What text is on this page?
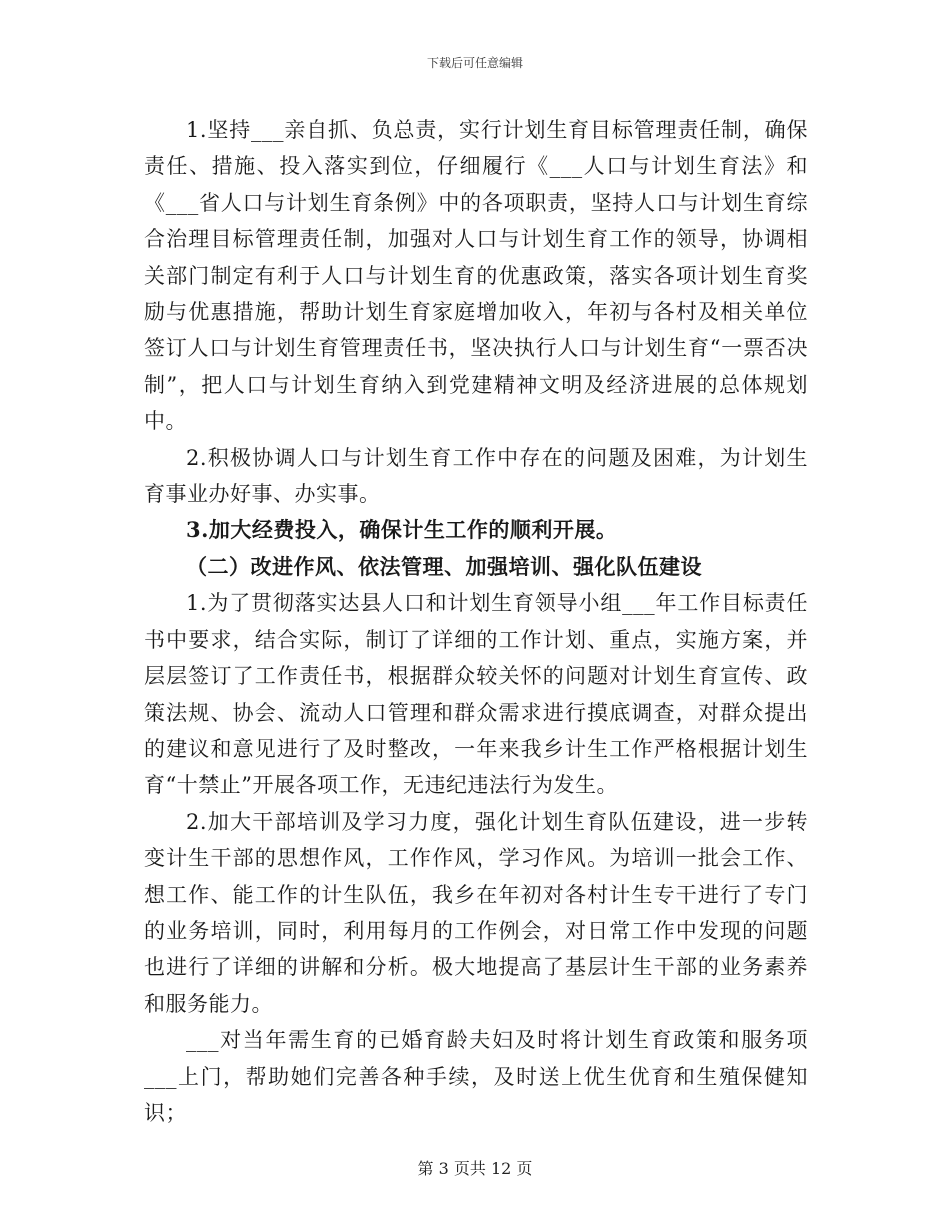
下载后可任意编辑

1.坚持___亲自抓、负总责，实行计划生育目标管理责任制，确保责任、措施、投入落实到位，仔细履行《___人口与计划生育法》和《___省人口与计划生育条例》中的各项职责，坚持人口与计划生育综合治理目标管理责任制，加强对人口与计划生育工作的领导，协调相关部门制定有利于人口与计划生育的优惠政策，落实各项计划生育奖励与优惠措施，帮助计划生育家庭增加收入，年初与各村及相关单位签订人口与计划生育管理责任书，坚决执行人口与计划生育“一票否决制”，把人口与计划生育纳入到党建精神文明及经济进展的总体规划中。

2.积极协调人口与计划生育工作中存在的问题及困难，为计划生育事业办好事、办实事。

3.加大经费投入，确保计生工作的顺利开展。

（二）改进作风、依法管理、加强培训、强化队伍建设

1.为了贯彻落实达县人口和计划生育领导小组___年工作目标责任书中要求，结合实际，制订了详细的工作计划、重点，实施方案，并层层签订了工作责任书，根据群众较关怀的问题对计划生育宣传、政策法规、协会、流动人口管理和群众需求进行摸底调查，对群众提出的建议和意见进行了及时整改，一年来我乡计生工作严格根据计划生育“十禁止”开展各项工作，无违纪违法行为发生。

2.加大干部培训及学习力度，强化计划生育队伍建设，进一步转变计生干部的思想作风，工作作风，学习作风。为培训一批会工作、想工作、能工作的计生队伍，我乡在年初对各村计生专干进行了专门的业务培训，同时，利用每月的工作例会，对日常工作中发现的问题也进行了详细的讲解和分析。极大地提高了基层计生干部的业务素养和服务能力。

___对当年需生育的已婚育龄夫妇及时将计划生育政策和服务项___上门，帮助她们完善各种手续，及时送上优生优育和生殖保健知识；

第 3 页共 12 页
